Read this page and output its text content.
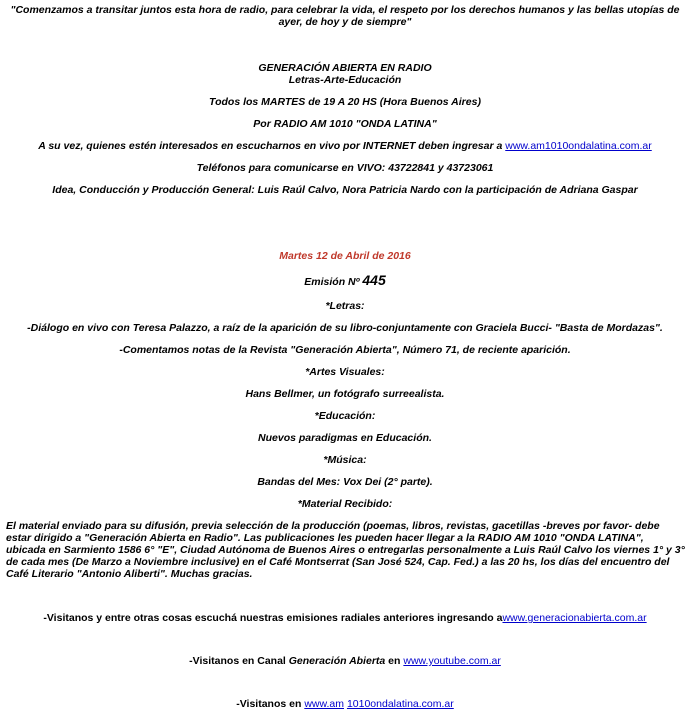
"Comenzamos a transitar juntos esta hora de radio, para celebrar la vida, el respeto por los derechos humanos y las bellas utopías de ayer, de hoy y de siempre"
GENERACIÓN ABIERTA EN RADIO
Letras-Arte-Educación
Todos los MARTES de 19 A 20 HS (Hora Buenos Aires)
Por RADIO AM 1010 "ONDA LATINA"
A su vez, quienes estén interesados en escucharnos en vivo por INTERNET deben ingresar a www.am1010ondalatina.com.ar
Teléfonos para comunicarse en VIVO: 43722841 y 43723061
Idea, Conducción y Producción General: Luis Raúl Calvo, Nora Patricia Nardo con la participación de Adriana Gaspar
Martes 12 de Abril de 2016
Emisión Nº 445
*Letras:
-Diálogo en vivo con Teresa Palazzo, a raíz de la aparición de su libro-conjuntamente con Graciela Bucci- "Basta de Mordazas".
-Comentamos notas de la Revista "Generación Abierta", Número 71, de reciente aparición.
*Artes Visuales:
Hans Bellmer, un fotógrafo surreealista.
*Educación:
Nuevos paradigmas en Educación.
*Música:
Bandas del Mes: Vox Dei (2° parte).
*Material Recibido:
El material enviado para su difusión, previa selección de la producción (poemas, libros, revistas, gacetillas -breves por favor- debe estar dirigido a "Generación Abierta en Radio". Las publicaciones les pueden hacer llegar a la RADIO AM 1010 "ONDA LATINA", ubicada en Sarmiento 1586 6° "E", Ciudad Autónoma de Buenos Aires o entregarlas personalmente a Luis Raúl Calvo los viernes 1° y 3° de cada mes (De Marzo a Noviembre inclusive) en el Café Montserrat (San José 524, Cap. Fed.) a las 20 hs, los días del encuentro del Café Literario "Antonio Aliberti". Muchas gracias.
-Visitanos y entre otras cosas escuchá nuestras emisiones radiales anteriores ingresando awww.generacionabierta.com.ar
-Visitanos en Canal Generación Abierta en www.youtube.com.ar
-Visitanos en www.am 1010ondalatina.com.ar
